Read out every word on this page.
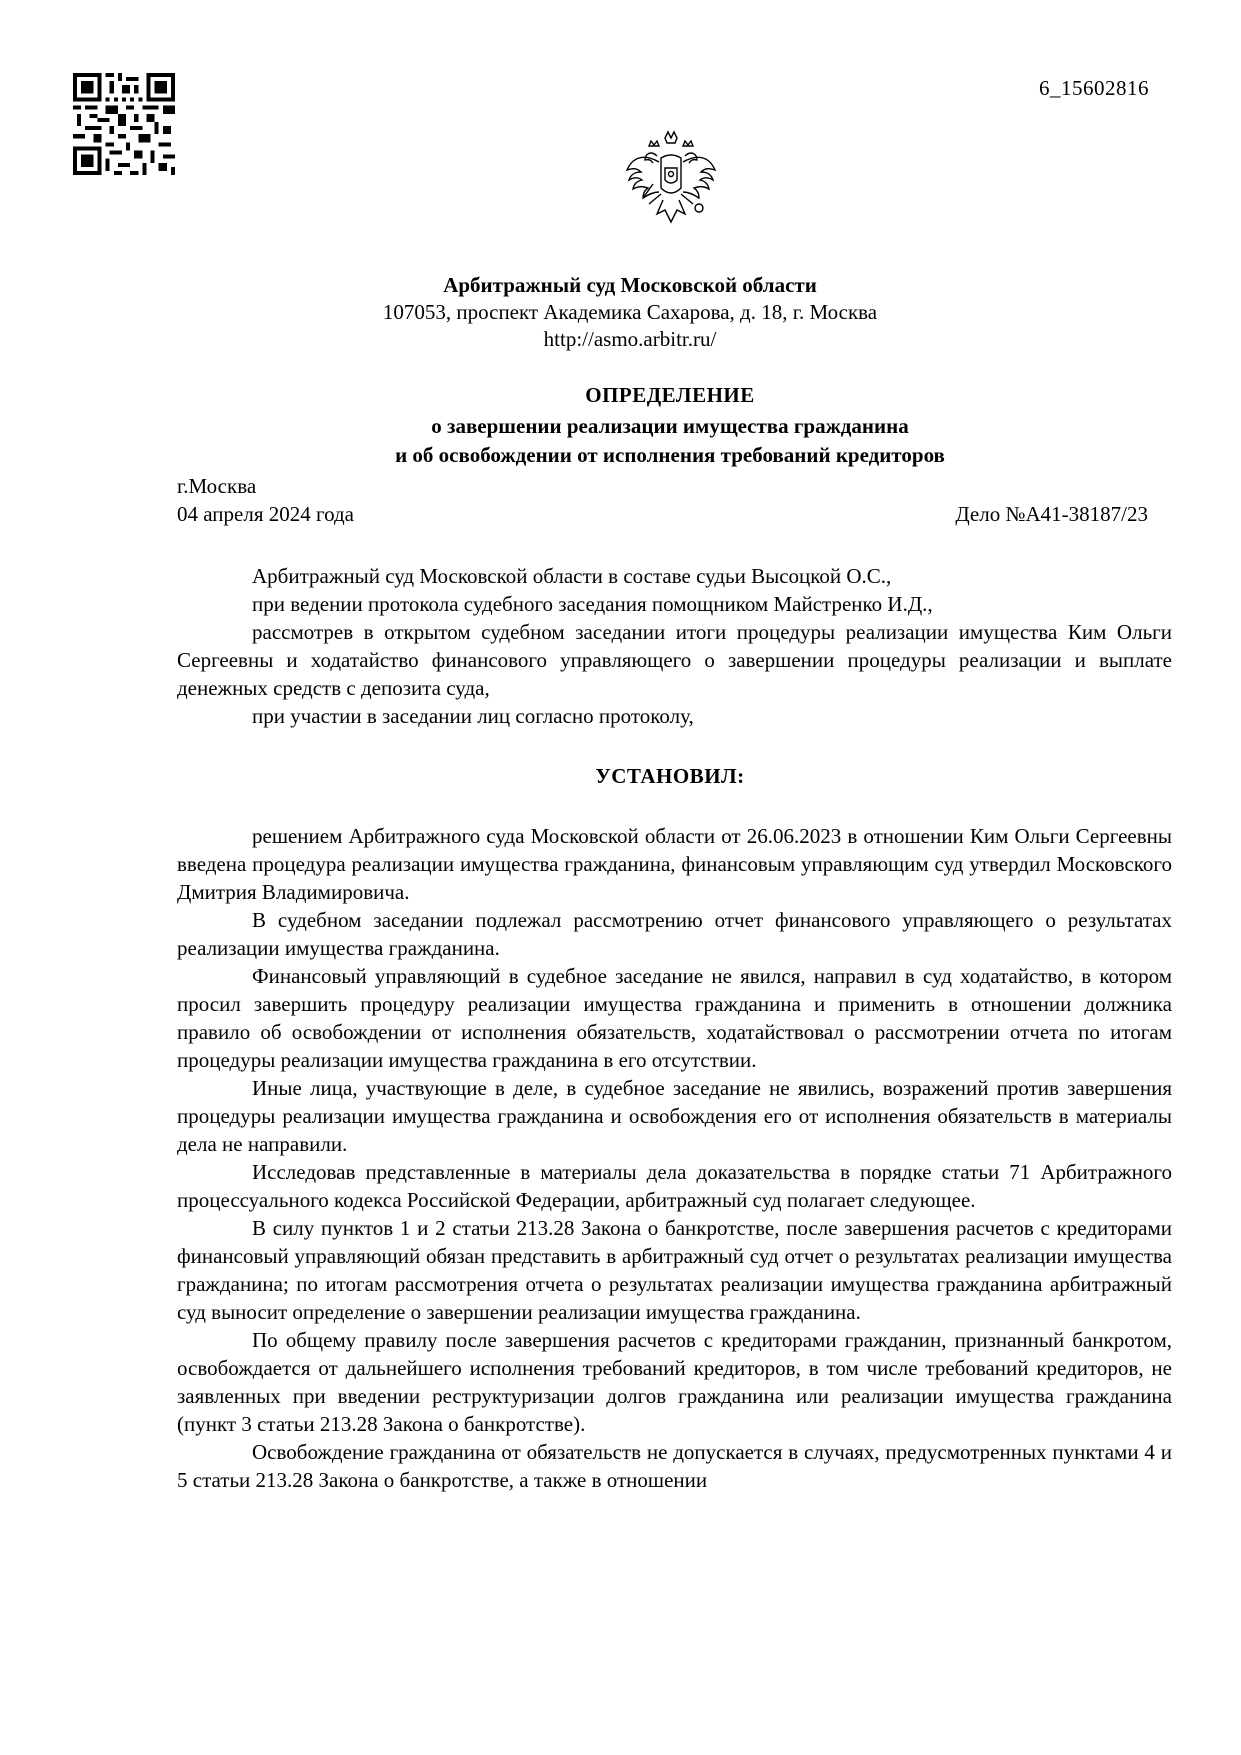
6_15602816
Арбитражный суд Московской области
107053, проспект Академика Сахарова, д. 18, г. Москва
http://asmo.arbitr.ru/
ОПРЕДЕЛЕНИЕ
о завершении реализации имущества гражданина
и об освобождении от исполнения требований кредиторов
г.Москва
04 апреля 2024 года	Дело №А41-38187/23

Арбитражный суд Московской области в составе судьи Высоцкой О.С.,

при ведении протокола судебного заседания помощником Майстренко И.Д.,

рассмотрев в открытом судебном заседании итоги процедуры реализации имущества Ким Ольги Сергеевны и ходатайство финансового управляющего о завершении процедуры реализации и выплате денежных средств с депозита суда,

при участии в заседании лиц согласно протоколу,

УСТАНОВИЛ:

решением Арбитражного суда Московской области от 26.06.2023 в отношении Ким Ольги Сергеевны введена процедура реализации имущества гражданина, финансовым управляющим суд утвердил Московского Дмитрия Владимировича.

В судебном заседании подлежал рассмотрению отчет финансового управляющего о результатах реализации имущества гражданина.

Финансовый управляющий в судебное заседание не явился, направил в суд ходатайство, в котором просил завершить процедуру реализации имущества гражданина и применить в отношении должника правило об освобождении от исполнения обязательств, ходатайствовал о рассмотрении отчета по итогам процедуры реализации имущества гражданина в его отсутствии.

Иные лица, участвующие в деле, в судебное заседание не явились, возражений против завершения процедуры реализации имущества гражданина и освобождения его от исполнения обязательств в материалы дела не направили.

Исследовав представленные в материалы дела доказательства в порядке статьи 71 Арбитражного процессуального кодекса Российской Федерации, арбитражный суд полагает следующее.

В силу пунктов 1 и 2 статьи 213.28 Закона о банкротстве, после завершения расчетов с кредиторами финансовый управляющий обязан представить в арбитражный суд отчет о результатах реализации имущества гражданина; по итогам рассмотрения отчета о результатах реализации имущества гражданина арбитражный суд выносит определение о завершении реализации имущества гражданина.

По общему правилу после завершения расчетов с кредиторами гражданин, признанный банкротом, освобождается от дальнейшего исполнения требований кредиторов, в том числе требований кредиторов, не заявленных при введении реструктуризации долгов гражданина или реализации имущества гражданина (пункт 3 статьи 213.28 Закона о банкротстве).

Освобождение гражданина от обязательств не допускается в случаях, предусмотренных пунктами 4 и 5 статьи 213.28 Закона о банкротстве, а также в отношении
